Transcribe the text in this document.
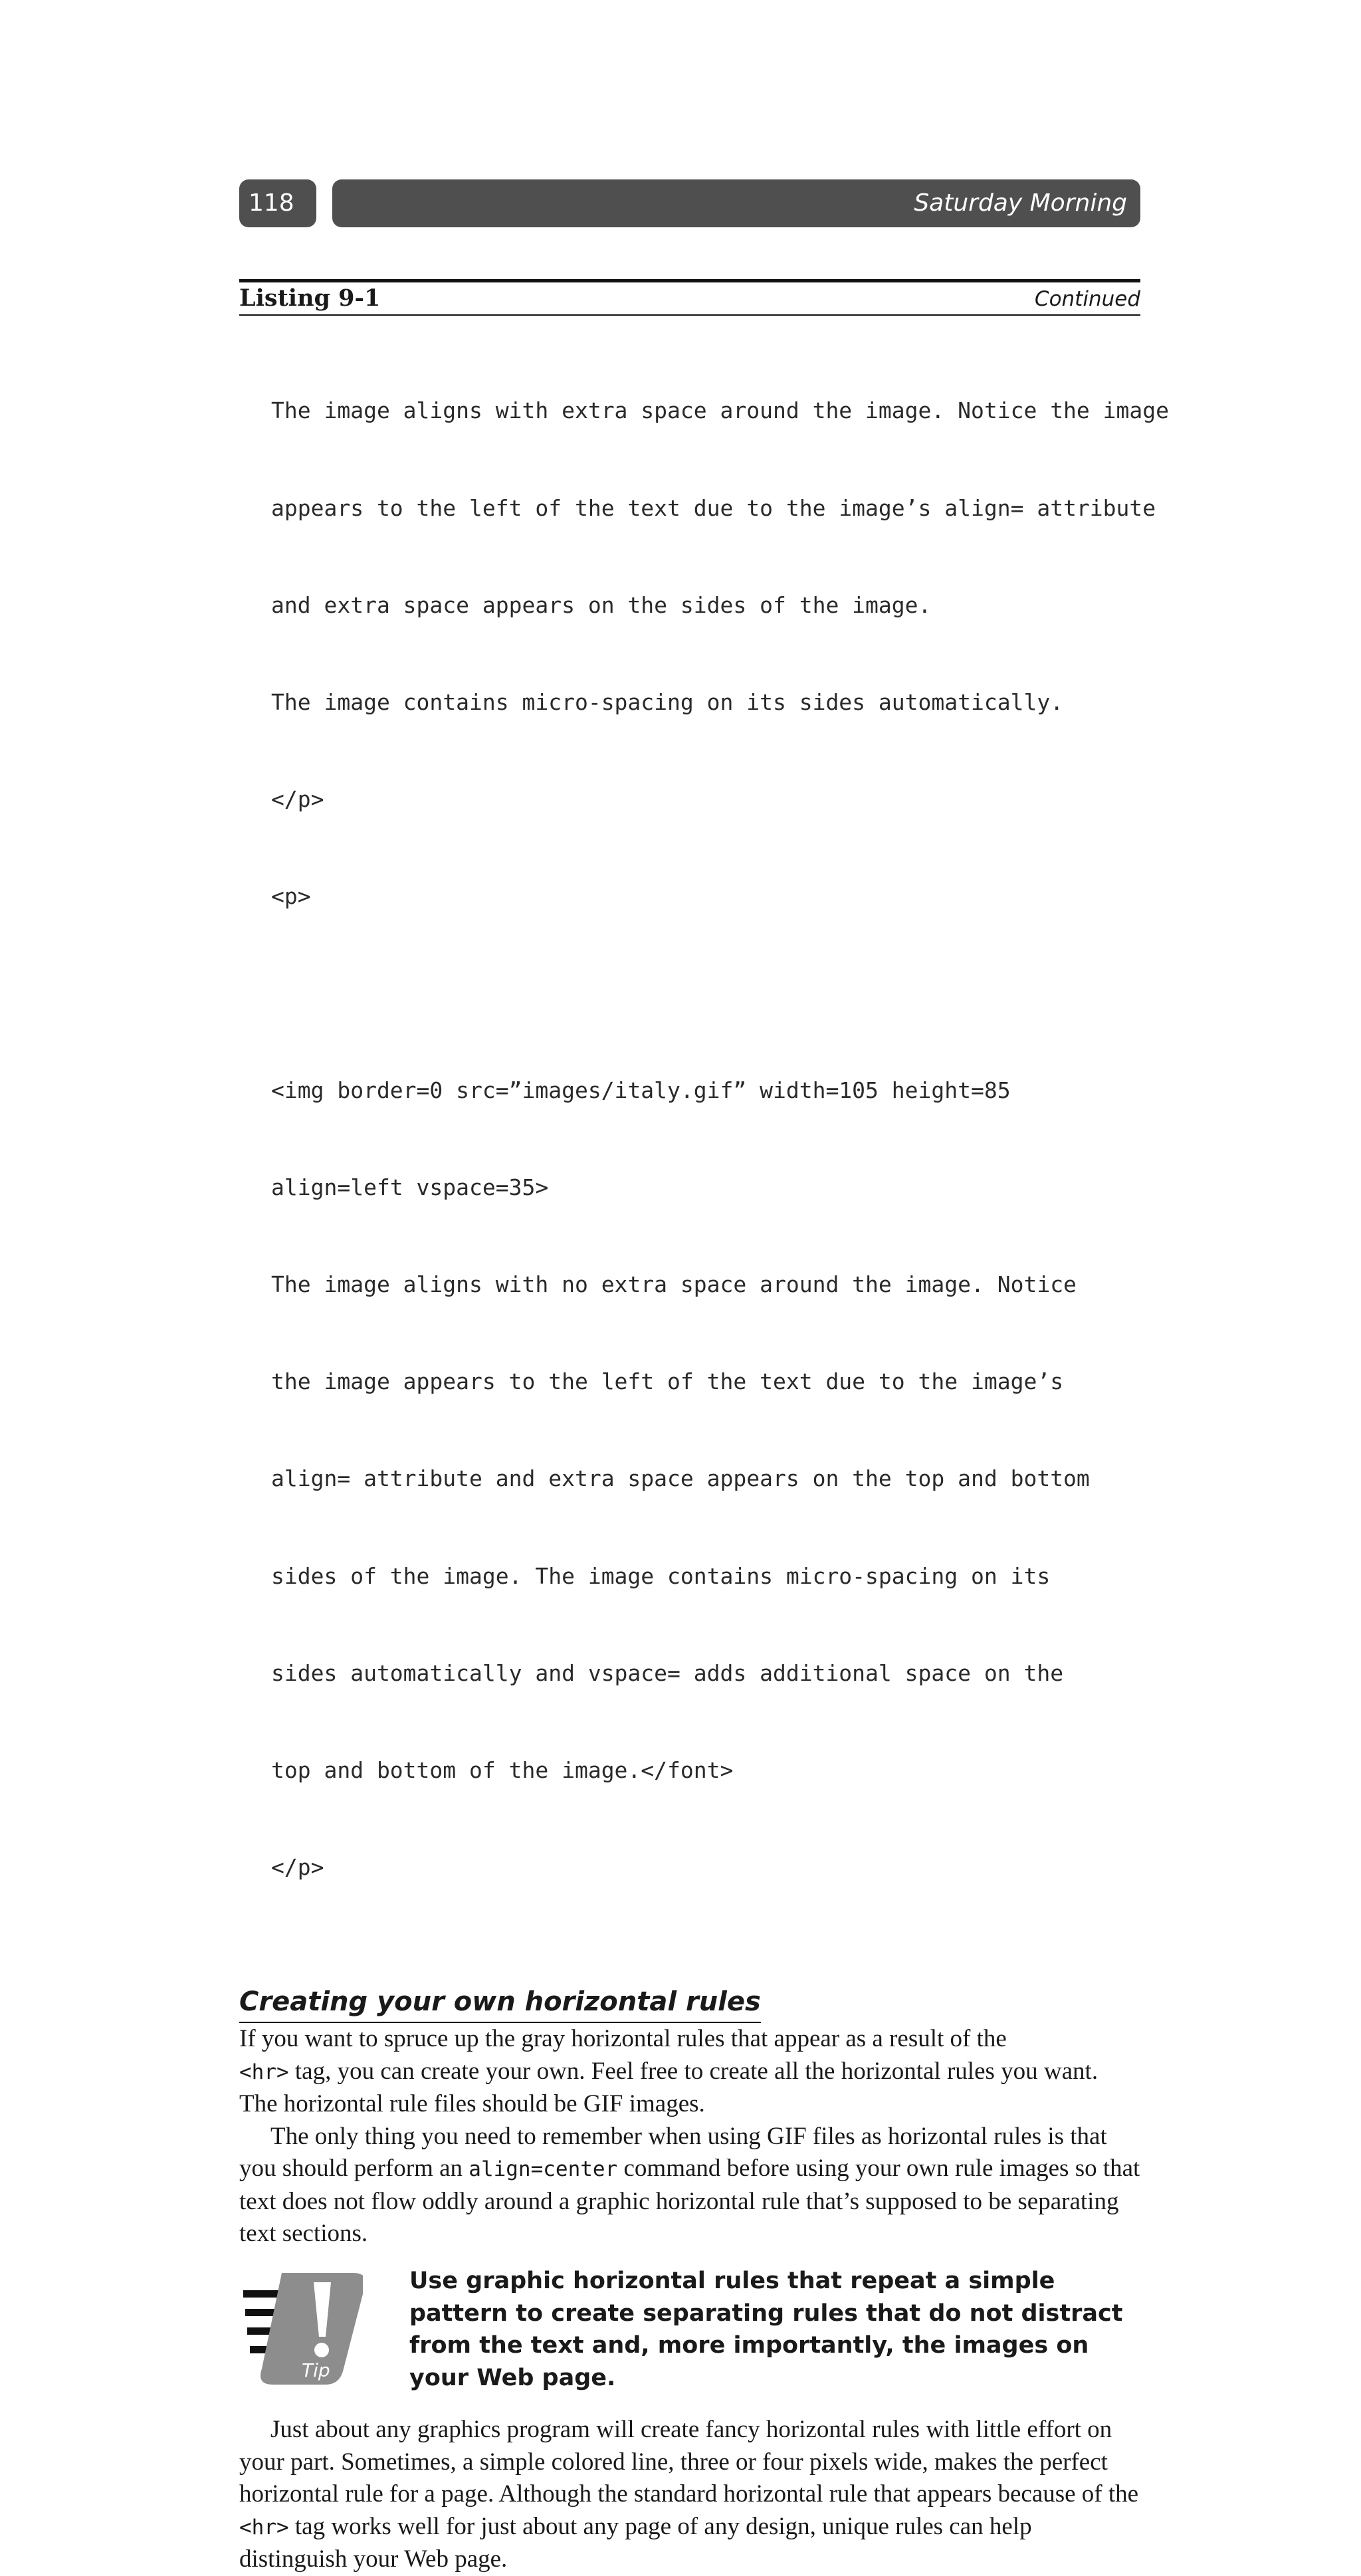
118	Saturday Morning
Listing 9-1	Continued

The image aligns with extra space around the image. Notice the image

appears to the left of the text due to the image’s align= attribute

and extra space appears on the sides of the image.

The image contains micro-spacing on its sides automatically.

</p>

<p>

<img border=0 src=”images/italy.gif” width=105 height=85

align=left vspace=35>

The image aligns with no extra space around the image. Notice

the image appears to the left of the text due to the image’s

align= attribute and extra space appears on the top and bottom

sides of the image. The image contains micro-spacing on its

sides automatically and vspace= adds additional space on the

top and bottom of the image.</font>

</p>

Creating your own horizontal rules

If you want to spruce up the gray horizontal rules that appear as a result of the
<hr> tag, you can create your own. Feel free to create all the horizontal rules you want. The horizontal rule files should be GIF images.

The only thing you need to remember when using GIF files as horizontal rules is that you should perform an align=center command before using your own rule images so that text does not flow oddly around a graphic horizontal rule that’s supposed to be separating text sections.

Tip
Use graphic horizontal rules that repeat a simple pattern to create separating rules that do not distract from the text and, more importantly, the images on your Web page.

Just about any graphics program will create fancy horizontal rules with little effort on your part. Sometimes, a simple colored line, three or four pixels wide, makes the perfect horizontal rule for a page. Although the standard horizontal rule that appears because of the <hr> tag works well for just about any page of any design, unique rules can help distinguish your Web page.
